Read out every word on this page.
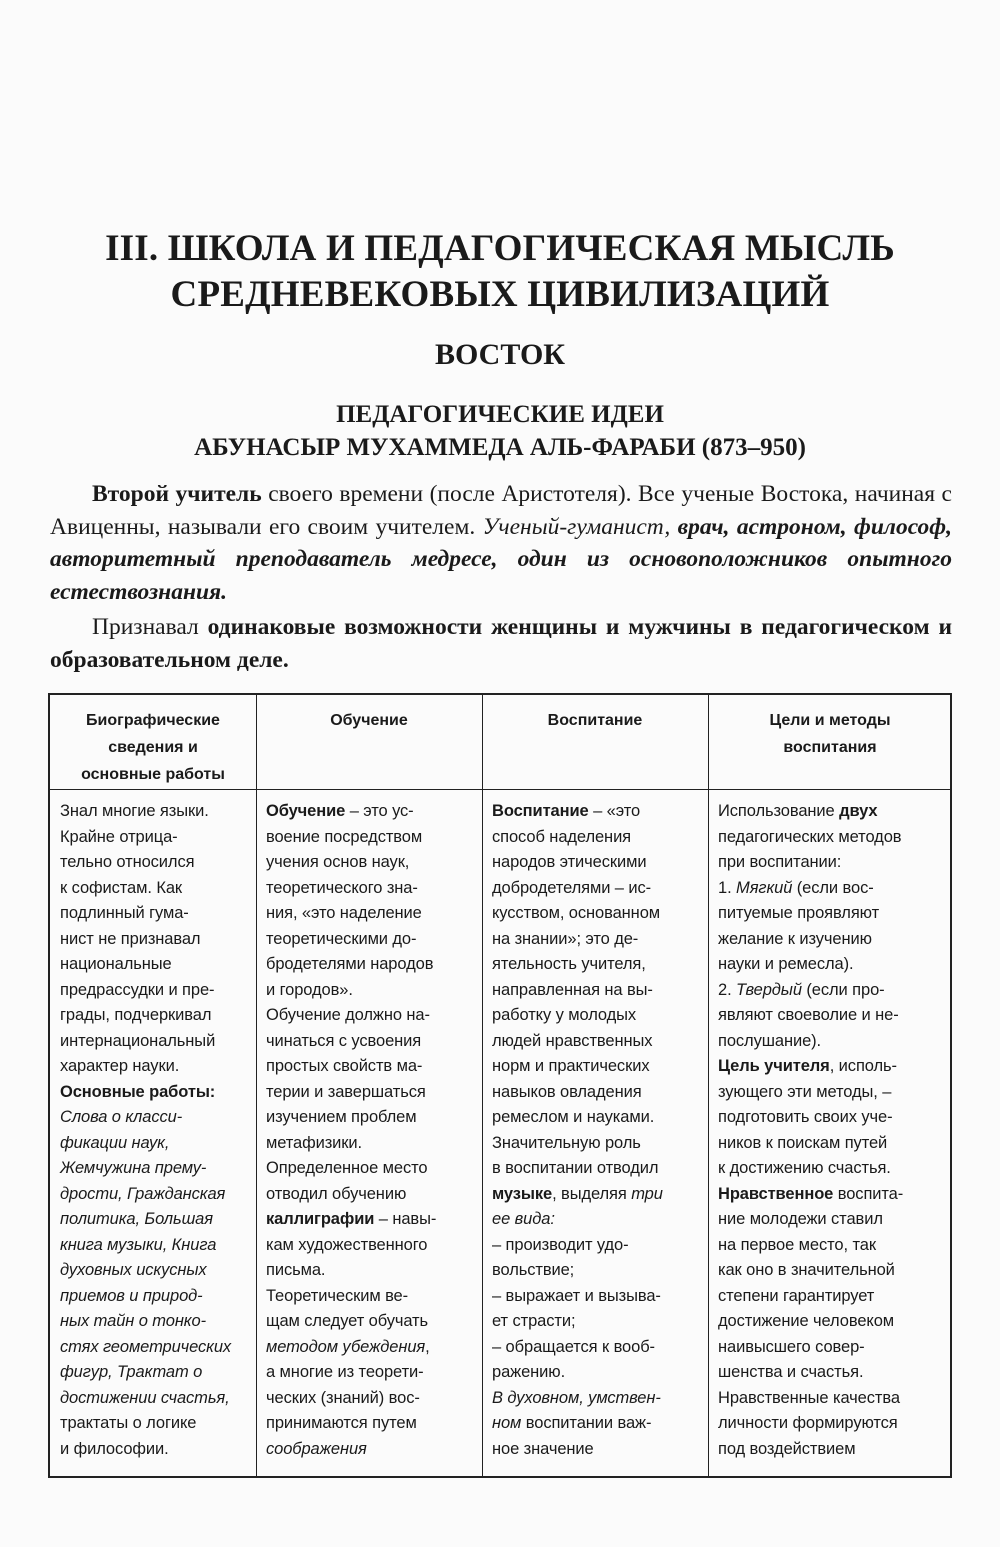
III. ШКОЛА И ПЕДАГОГИЧЕСКАЯ МЫСЛЬ
СРЕДНЕВЕКОВЫХ ЦИВИЛИЗАЦИЙ
ВОСТОК
ПЕДАГОГИЧЕСКИЕ ИДЕИ
АБУНАСЫР МУХАММЕДА АЛЬ-ФАРАБИ (873–950)
Второй учитель своего времени (после Аристотеля). Все ученые Востока, начиная с Авиценны, называли его своим учителем. Ученый-гуманист, врач, астроном, философ, авторитетный преподаватель медресе, один из основоположников опытного естествознания.
Признавал одинаковые возможности женщины и мужчины в педагогическом и образовательном деле.
Биографические
сведения и
основные работы
Обучение	Воспитание	Цели и методы
воспитания
Знал многие языки.
Крайне отрица-
тельно относился
к софистам. Как
подлинный гума-
нист не признавал
национальные
предрассудки и пре-
грады, подчеркивал
интернациональный
характер науки.
Основные работы:
Слова о класси-
фикации наук,
Жемчужина прему-
дрости, Гражданская
политика, Большая
книга музыки, Книга
духовных искусных
приемов и природ-
ных тайн о тонко-
стях геометрических
фигур, Трактат о
достижении счастья,
трактаты о логике
и философии.
Обучение – это ус-
воение посредством
учения основ наук,
теоретического зна-
ния, «это наделение
теоретическими до-
бродетелями народов
и городов».
Обучение должно на-
чинаться с усвоения
простых свойств ма-
терии и завершаться
изучением проблем
метафизики.
Определенное место
отводил обучению
каллиграфии – навы-
кам художественного
письма.
Теоретическим ве-
щам следует обучать
методом убеждения,
а многие из теорети-
ческих (знаний) вос-
принимаются путем
соображения
Воспитание – «это
способ наделения
народов этическими
добродетелями – ис-
кусством, основанном
на знании»; это де-
ятельность учителя,
направленная на вы-
работку у молодых
людей нравственных
норм и практических
навыков овладения
ремеслом и науками.
Значительную роль
в воспитании отводил
музыке, выделяя три
ее вида:
– производит удо-
вольствие;
– выражает и вызыва-
ет страсти;
– обращается к вооб-
ражению.
В духовном, умствен-
ном воспитании важ-
ное значение
Использование двух
педагогических методов
при воспитании:
1. Мягкий (если вос-
питуемые проявляют
желание к изучению
науки и ремесла).
2. Твердый (если про-
являют своеволие и не-
послушание).
Цель учителя, исполь-
зующего эти методы, –
подготовить своих уче-
ников к поискам путей
к достижению счастья.
Нравственное воспита-
ние молодежи ставил
на первое место, так
как оно в значительной
степени гарантирует
достижение человеком
наивысшего совер-
шенства и счастья.
Нравственные качества
личности формируются
под воздействием
